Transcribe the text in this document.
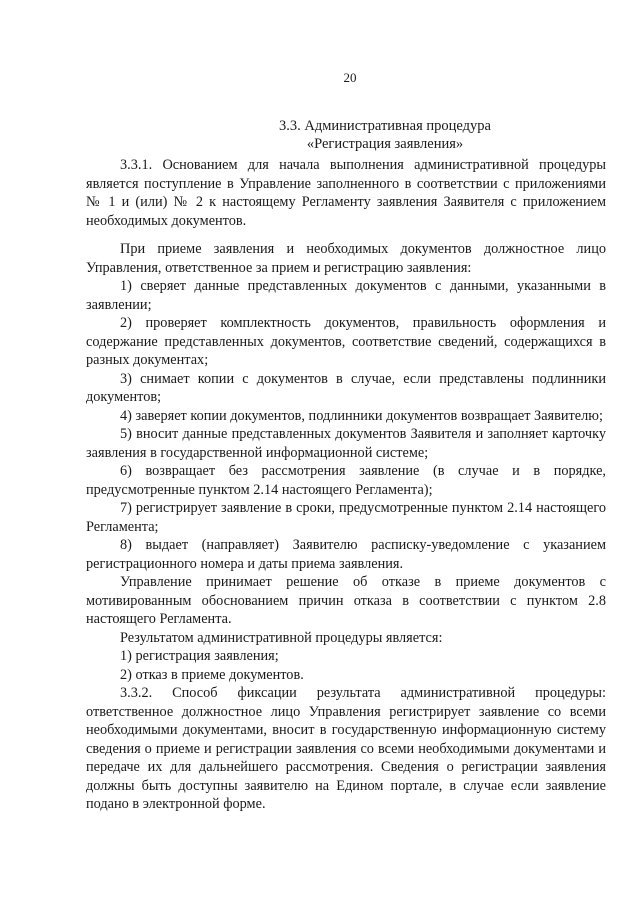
20
3.3. Административная процедура
«Регистрация заявления»

3.3.1. Основанием для начала выполнения административной процедуры является поступление в Управление заполненного в соответствии с приложениями № 1 и (или) № 2 к настоящему Регламенту заявления Заявителя с приложением необходимых документов.

При приеме заявления и необходимых документов должностное лицо Управления, ответственное за прием и регистрацию заявления:

1) сверяет данные представленных документов с данными, указанными в заявлении;

2) проверяет комплектность документов, правильность оформления и содержание представленных документов, соответствие сведений, содержащихся в разных документах;

3) снимает копии с документов в случае, если представлены подлинники документов;

4) заверяет копии документов, подлинники документов возвращает Заявителю;

5) вносит данные представленных документов Заявителя и заполняет карточку заявления в государственной информационной системе;

6) возвращает без рассмотрения заявление (в случае и в порядке, предусмотренные пунктом 2.14 настоящего Регламента);

7) регистрирует заявление в сроки, предусмотренные пунктом 2.14 настоящего Регламента;

8) выдает (направляет) Заявителю расписку-уведомление с указанием регистрационного номера и даты приема заявления.

Управление принимает решение об отказе в приеме документов с мотивированным обоснованием причин отказа в соответствии с пунктом 2.8 настоящего Регламента.

Результатом административной процедуры является:

1) регистрация заявления;

2) отказ в приеме документов.

3.3.2. Способ фиксации результата административной процедуры: ответственное должностное лицо Управления регистрирует заявление со всеми необходимыми документами, вносит в государственную информационную систему сведения о приеме и регистрации заявления со всеми необходимыми документами и передаче их для дальнейшего рассмотрения. Сведения о регистрации заявления должны быть доступны заявителю на Едином портале, в случае если заявление подано в электронной форме.
